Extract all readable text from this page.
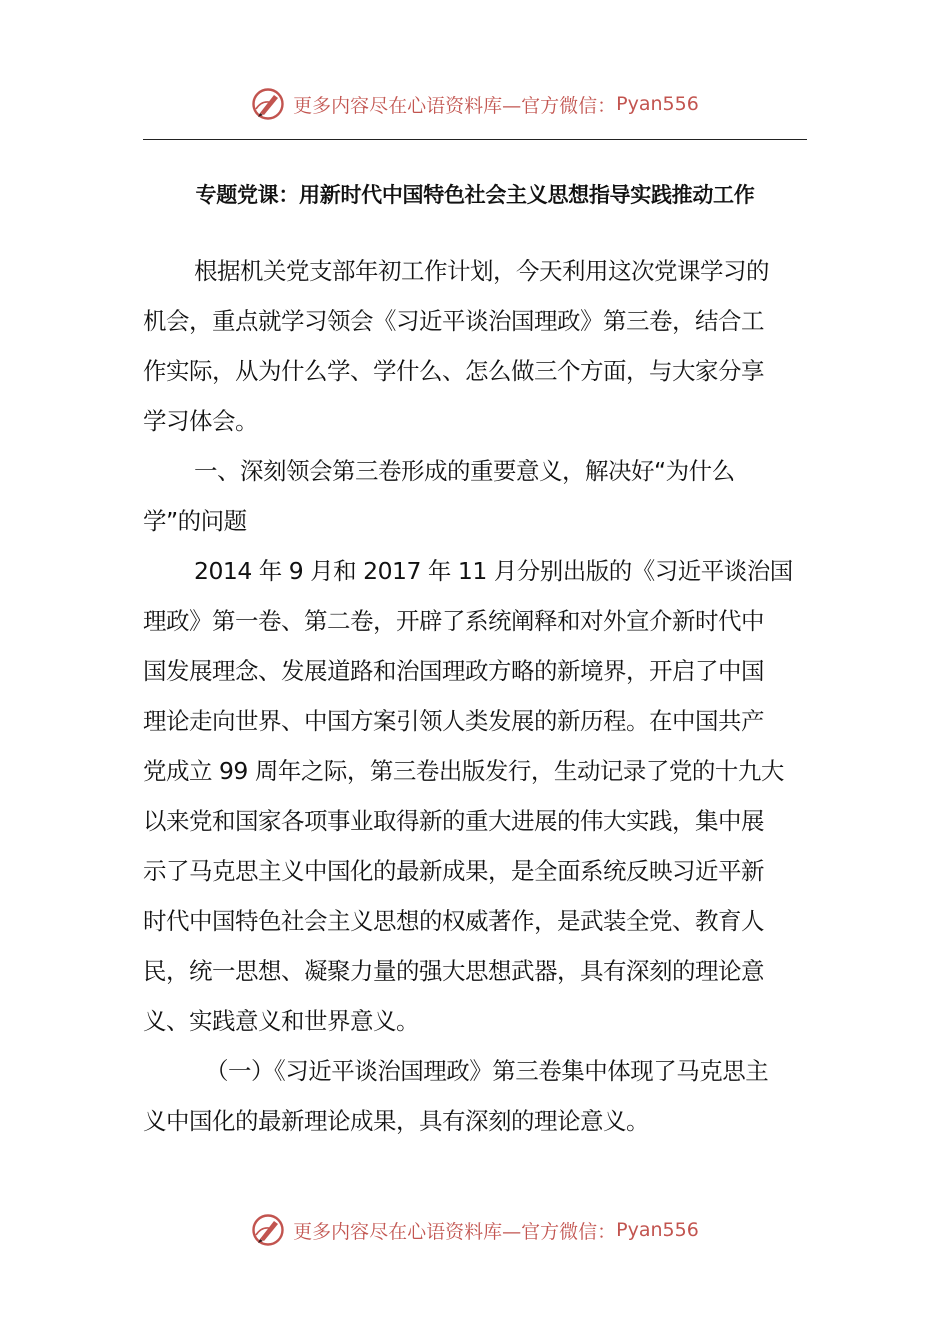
更多内容尽在心语资料库—官方微信： Pyan556
专题党课：用新时代中国特色社会主义思想指导实践推动工作
根据机关党支部年初工作计划，今天利用这次党课学习的
机会，重点就学习领会《习近平谈治国理政》第三卷，结合工
作实际，从为什么学、学什么、怎么做三个方面，与大家分享
学习体会。
一、深刻领会第三卷形成的重要意义，解决好“为什么
学”的问题
2014 年 9 月和 2017 年 11 月分别出版的《习近平谈治国
理政》第一卷、第二卷，开辟了系统阐释和对外宣介新时代中
国发展理念、发展道路和治国理政方略的新境界，开启了中国
理论走向世界、中国方案引领人类发展的新历程。在中国共产
党成立 99 周年之际，第三卷出版发行，生动记录了党的十九大
以来党和国家各项事业取得新的重大进展的伟大实践，集中展
示了马克思主义中国化的最新成果，是全面系统反映习近平新
时代中国特色社会主义思想的权威著作，是武装全党、教育人
民，统一思想、凝聚力量的强大思想武器，具有深刻的理论意
义、实践意义和世界意义。
（一）《习近平谈治国理政》第三卷集中体现了马克思主
义中国化的最新理论成果，具有深刻的理论意义。
更多内容尽在心语资料库—官方微信： Pyan556
